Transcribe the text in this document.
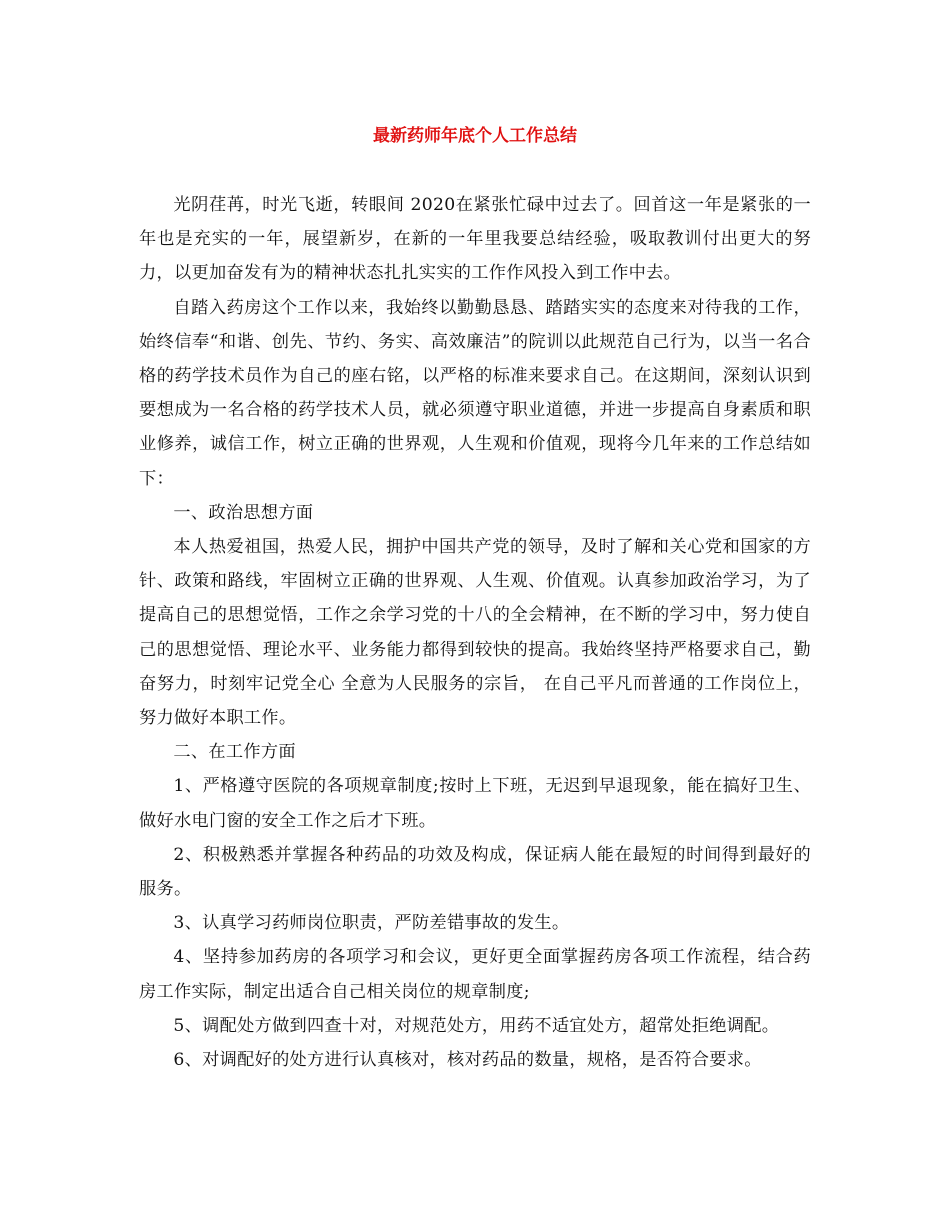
最新药师年底个人工作总结

光阴荏苒，时光飞逝，转眼间 2020在紧张忙碌中过去了。回首这一年是紧张的一年也是充实的一年，展望新岁，在新的一年里我要总结经验，吸取教训付出更大的努力，以更加奋发有为的精神状态扎扎实实的工作作风投入到工作中去。

自踏入药房这个工作以来，我始终以勤勤恳恳、踏踏实实的态度来对待我的工作，始终信奉“和谐、创先、节约、务实、高效廉洁”的院训以此规范自己行为，以当一名合格的药学技术员作为自己的座右铭，以严格的标准来要求自己。在这期间，深刻认识到要想成为一名合格的药学技术人员，就必须遵守职业道德，并进一步提高自身素质和职业修养，诚信工作，树立正确的世界观，人生观和价值观，现将今几年来的工作总结如下：

一、政治思想方面

本人热爱祖国，热爱人民，拥护中国共产党的领导，及时了解和关心党和国家的方针、政策和路线，牢固树立正确的世界观、人生观、价值观。认真参加政治学习，为了提高自己的思想觉悟，工作之余学习党的十八的全会精神，在不断的学习中，努力使自己的思想觉悟、理论水平、业务能力都得到较快的提高。我始终坚持严格要求自己，勤奋努力，时刻牢记党全心 全意为人民服务的宗旨， 在自己平凡而普通的工作岗位上，努力做好本职工作。

二、在工作方面

1、严格遵守医院的各项规章制度;按时上下班，无迟到早退现象，能在搞好卫生、做好水电门窗的安全工作之后才下班。

2、积极熟悉并掌握各种药品的功效及构成，保证病人能在最短的时间得到最好的服务。

3、认真学习药师岗位职责，严防差错事故的发生。

4、坚持参加药房的各项学习和会议，更好更全面掌握药房各项工作流程，结合药房工作实际，制定出适合自己相关岗位的规章制度;

5、调配处方做到四查十对，对规范处方，用药不适宜处方，超常处拒绝调配。

6、对调配好的处方进行认真核对，核对药品的数量，规格，是否符合要求。
